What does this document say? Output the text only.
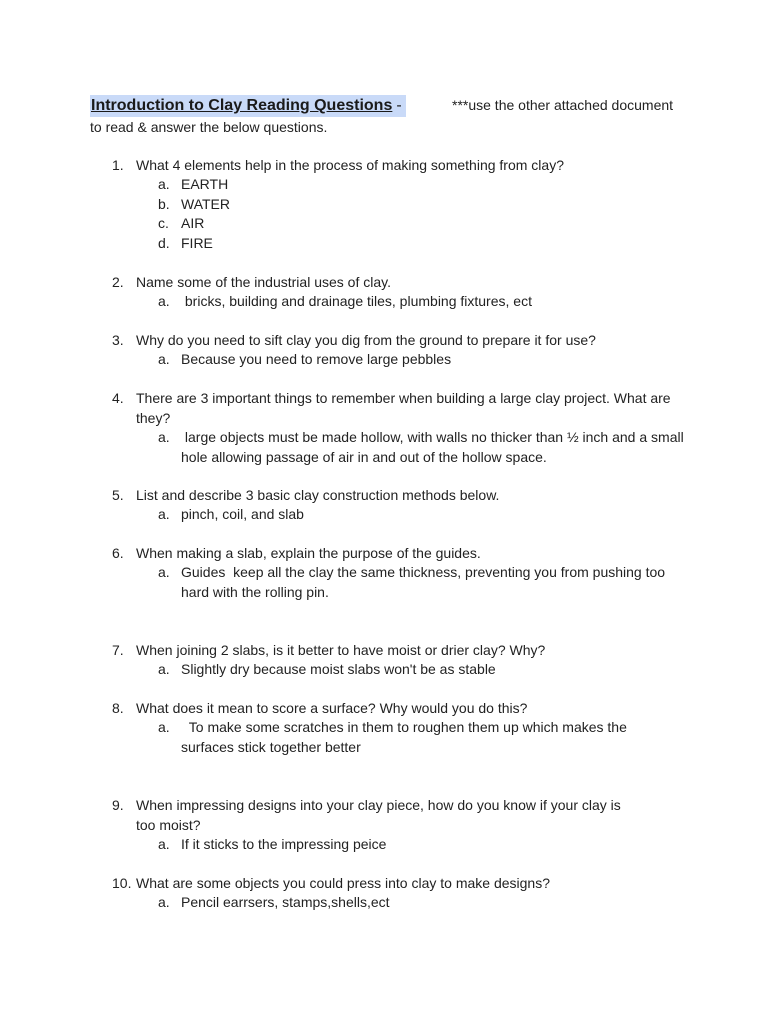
Introduction to Clay Reading Questions -	***use the other attached document
to read & answer the below questions.
1. What 4 elements help in the process of making something from clay?
a. EARTH
b. WATER
c. AIR
d. FIRE
2. Name some of the industrial uses of clay.
a. bricks, building and drainage tiles, plumbing fixtures, ect
3. Why do you need to sift clay you dig from the ground to prepare it for use?
a. Because you need to remove large pebbles
4. There are 3 important things to remember when building a large clay project. What are they?
a. large objects must be made hollow, with walls no thicker than ½ inch and a small hole allowing passage of air in and out of the hollow space.
5. List and describe 3 basic clay construction methods below.
a. pinch, coil, and slab
6. When making a slab, explain the purpose of the guides.
a. Guides  keep all the clay the same thickness, preventing you from pushing too hard with the rolling pin.
7. When joining 2 slabs, is it better to have moist or drier clay? Why?
a. Slightly dry because moist slabs won't be as stable
8. What does it mean to score a surface? Why would you do this?
a. To make some scratches in them to roughen them up which makes the surfaces stick together better
9. When impressing designs into your clay piece, how do you know if your clay is too moist?
a. If it sticks to the impressing peice
10. What are some objects you could press into clay to make designs?
a. Pencil earrsers, stamps,shells,ect
